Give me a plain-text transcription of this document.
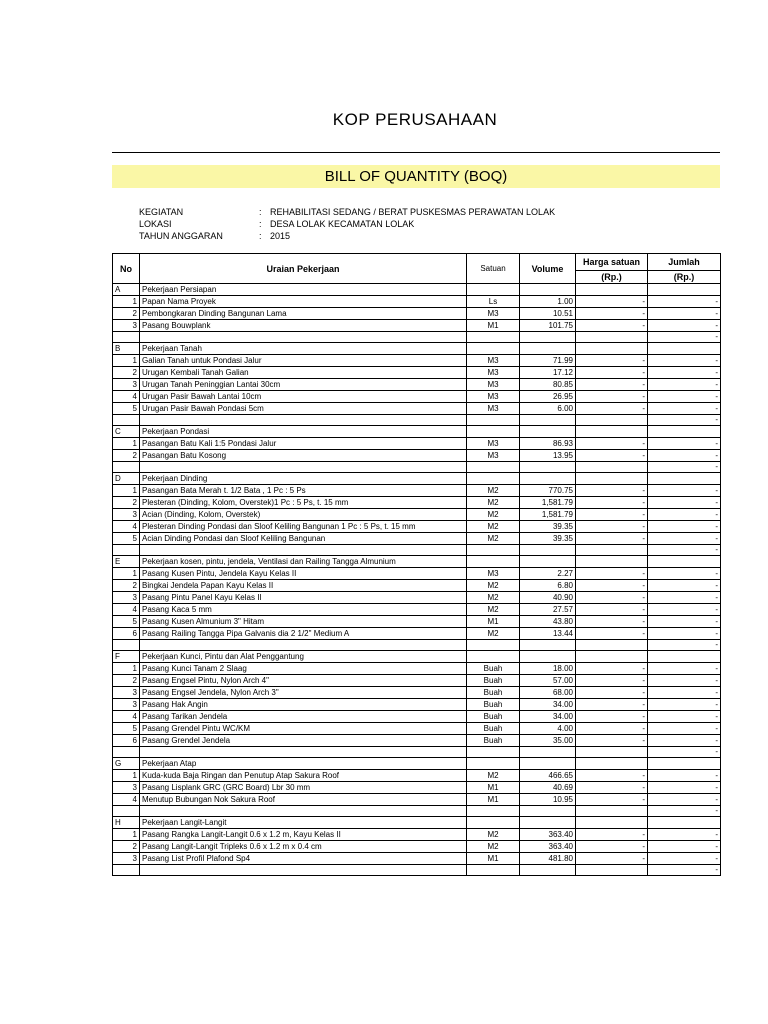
KOP PERUSAHAAN
BILL OF QUANTITY (BOQ)
KEGIATAN	: REHABILITASI SEDANG / BERAT PUSKESMAS PERAWATAN LOLAK
LOKASI	: DESA LOLAK KECAMATAN LOLAK
TAHUN ANGGARAN	: 2015
No	Uraian Pekerjaan	Satuan	Volume	Harga satuan	Jumlah
				(Rp.)	(Rp.)
A	Pekerjaan Persiapan				
1	Papan Nama Proyek	Ls	1.00	-	-
2	Pembongkaran Dinding Bangunan Lama	M3	10.51	-	-
3	Pasang Bouwplank	M1	101.75	-	-
					-
B	Pekerjaan Tanah				
1	Galian Tanah untuk Pondasi Jalur	M3	71.99	-	-
2	Urugan Kembali Tanah Galian	M3	17.12	-	-
3	Urugan Tanah Peninggian Lantai 30cm	M3	80.85	-	-
4	Urugan Pasir Bawah Lantai 10cm	M3	26.95	-	-
5	Urugan Pasir Bawah Pondasi 5cm	M3	6.00	-	-
					-
C	Pekerjaan Pondasi				
1	Pasangan Batu Kali 1:5 Pondasi Jalur	M3	86.93	-	-
2	Pasangan Batu Kosong	M3	13.95	-	-
					-
D	Pekerjaan Dinding				
1	Pasangan Bata Merah t. 1/2 Bata , 1 Pc : 5 Ps	M2	770.75	-	-
2	Plesteran (Dinding, Kolom, Overstek)1 Pc : 5 Ps, t. 15 mm	M2	1,581.79	-	-
3	Acian (Dinding, Kolom, Overstek)	M2	1,581.79	-	-
4	Plesteran Dinding Pondasi dan Sloof Keliling Bangunan 1 Pc : 5 Ps, t. 15 mm	M2	39.35	-	-
5	Acian Dinding Pondasi dan Sloof Keliling Bangunan	M2	39.35	-	-
					-
E	Pekerjaan kosen, pintu, jendela, Ventilasi dan Railing Tangga Almunium				
1	Pasang Kusen Pintu, Jendela Kayu Kelas II	M3	2.27	-	-
2	Bingkai Jendela Papan Kayu Kelas II	M2	6.80	-	-
3	Pasang Pintu Panel Kayu Kelas II	M2	40.90	-	-
4	Pasang Kaca 5 mm	M2	27.57	-	-
5	Pasang Kusen Almunium 3" Hitam	M1	43.80	-	-
6	Pasang Railing Tangga Pipa Galvanis dia 2 1/2" Medium A	M2	13.44	-	-
					-
F	Pekerjaan Kunci, Pintu dan Alat Penggantung				
1	Pasang Kunci Tanam 2 Slaag	Buah	18.00	-	-
2	Pasang Engsel Pintu, Nylon Arch 4"	Buah	57.00	-	-
3	Pasang Engsel Jendela, Nylon Arch 3"	Buah	68.00	-	-
3	Pasang Hak Angin	Buah	34.00	-	-
4	Pasang Tarikan Jendela	Buah	34.00	-	-
5	Pasang Grendel Pintu WC/KM	Buah	4.00	-	-
6	Pasang Grendel Jendela	Buah	35.00	-	-
					-
G	Pekerjaan Atap				
1	Kuda-kuda Baja Ringan dan Penutup Atap Sakura Roof	M2	466.65	-	-
3	Pasang Lisplank GRC (GRC Board) Lbr 30 mm	M1	40.69	-	-
4	Menutup Bubungan Nok Sakura Roof	M1	10.95	-	-
					-
H	Pekerjaan Langit-Langit				
1	Pasang Rangka Langit-Langit 0.6 x 1.2 m, Kayu Kelas II	M2	363.40	-	-
2	Pasang Langit-Langit Tripleks 0.6 x 1.2 m x 0.4 cm	M2	363.40	-	-
3	Pasang List Profil Plafond Sp4	M1	481.80	-	-
					-
